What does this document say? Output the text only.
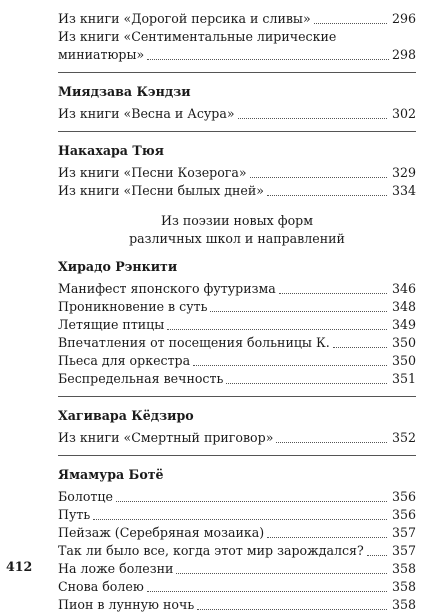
Из книги «Дорогой персика и сливы»	296
Из книги «Сентиментальные лирические
миниатюры»	298
Миядзава Кэндзи
Из книги «Весна и Асура»	302
Накахара Тюя
Из книги «Песни Козерога»	329
Из книги «Песни былых дней»	334
Из поэзии новых форм
различных школ и направлений
Хирадо Рэнкити
Манифест японского футуризма	346
Проникновение в суть	348
Летящие птицы	349
Впечатления от посещения больницы К.	350
Пьеса для оркестра	350
Беспредельная вечность	351
Хагивара Кёдзиро
Из книги «Смертный приговор»	352
Ямамура Ботё
Болотце	356
Путь	356
Пейзаж (Серебряная мозаика)	357
Так ли было все, когда этот мир зарождался? 357
На ложе болезни	358
Снова болею	358
Пион в лунную ночь	358
412
